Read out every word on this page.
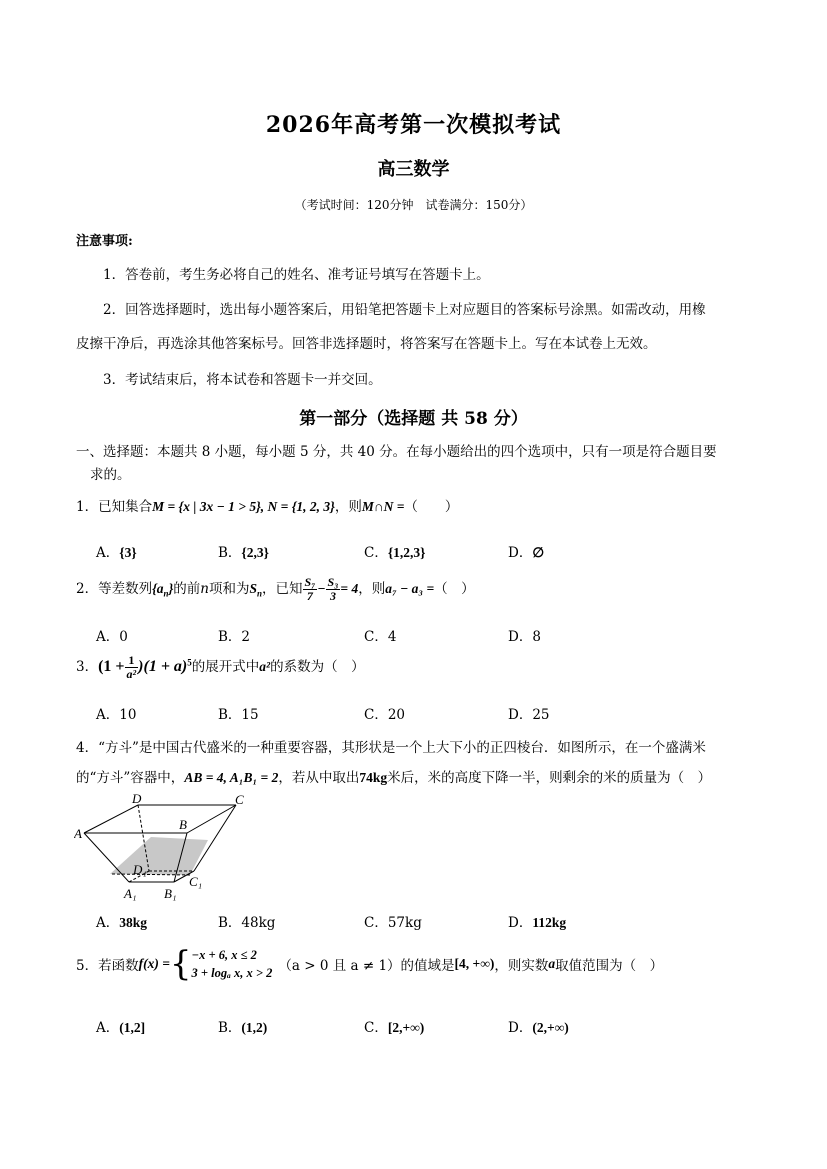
2026年高考第一次模拟考试
高三数学
（考试时间：120分钟　试卷满分：150分）
注意事项:
1．答卷前，考生务必将自己的姓名、准考证号填写在答题卡上。
2．回答选择题时，选出每小题答案后，用铅笔把答题卡上对应题目的答案标号涂黑。如需改动，用橡
皮擦干净后，再选涂其他答案标号。回答非选择题时，将答案写在答题卡上。写在本试卷上无效。
3．考试结束后，将本试卷和答题卡一并交回。
第一部分（选择题 共 58 分）
一、选择题：本题共 8 小题，每小题 5 分，共 40 分。在每小题给出的四个选项中，只有一项是符合题目要
求的。
1．已知集合M = {x | 3x − 1 > 5}, N = {1, 2, 3}，则M∩N =（　　）
A．{3}	B．{2,3}	C．{1,2,3}	D．∅
2．等差数列$\{a_n\}$的前n项和为$S_n$，已知 $\frac{\text{S₇}}{7} - \frac{\text{S₃}}{3} = 4$，则a₇ − a₃ =（　）
A．0	B．2	C．4	D．8
3．$(1 + \frac{1}{\text{a²}} )(1 + a)^5$的展开式中a²的系数为（　）
A．10	B．15	C．20	D．25
4．“方斗”是中国古代盛米的一种重要容器，其形状是一个上大下小的正四棱台．如图所示，在一个盛满米
的“方斗”容器中，AB = 4, A₁B₁ = 2，若从中取出74kg米后，米的高度下降一半，则剩余的米的质量为（　）
D	C
A
B
D₁
C₁
A₁ B₁
A．38kg	B．48kg	C．57kg	D．112kg
5．若函数f(x) ={ −x + 6, x ≤ 2
3 + logₐ x, x > 2 （a > 0 且 a ≠ 1）的值域是[4, +∞)，则实数a取值范围为（　）
A．(1,2]	B．(1,2)	C．[2,+∞)	D．(2,+∞)
